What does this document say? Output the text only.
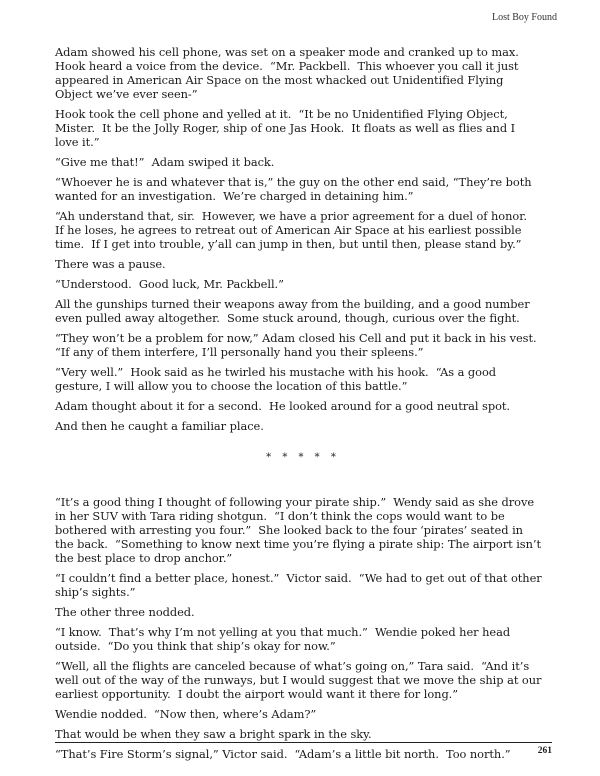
Lost Boy Found

Adam showed his cell phone, was set on a speaker mode and cranked up to max.
Hook heard a voice from the device.  “Mr. Packbell.  This whoever you call it just
appeared in American Air Space on the most whacked out Unidentified Flying
Object we’ve ever seen-”

Hook took the cell phone and yelled at it.  “It be no Unidentified Flying Object,
Mister.  It be the Jolly Roger, ship of one Jas Hook.  It floats as well as flies and I
love it.”

“Give me that!”  Adam swiped it back.

“Whoever he is and whatever that is,” the guy on the other end said, “They’re both
wanted for an investigation.  We’re charged in detaining him.”

“Ah understand that, sir.  However, we have a prior agreement for a duel of honor.
If he loses, he agrees to retreat out of American Air Space at his earliest possible
time.  If I get into trouble, y’all can jump in then, but until then, please stand by.”

There was a pause.

“Understood.  Good luck, Mr. Packbell.”

All the gunships turned their weapons away from the building, and a good number
even pulled away altogether.  Some stuck around, though, curious over the fight.

“They won’t be a problem for now,” Adam closed his Cell and put it back in his vest.
“If any of them interfere, I’ll personally hand you their spleens.”

“Very well.”  Hook said as he twirled his mustache with his hook.  “As a good
gesture, I will allow you to choose the location of this battle.”

Adam thought about it for a second.  He looked around for a good neutral spot.

And then he caught a familiar place.

* * * * *

“It’s a good thing I thought of following your pirate ship.”  Wendy said as she drove
in her SUV with Tara riding shotgun.  “I don’t think the cops would want to be
bothered with arresting you four.”  She looked back to the four ‘pirates’ seated in
the back.  “Something to know next time you’re flying a pirate ship: The airport isn’t
the best place to drop anchor.”

“I couldn’t find a better place, honest.”  Victor said.  “We had to get out of that other
ship’s sights.”

The other three nodded.

“I know.  That’s why I’m not yelling at you that much.”  Wendie poked her head
outside.  “Do you think that ship’s okay for now.”

“Well, all the flights are canceled because of what’s going on,” Tara said.  “And it’s
well out of the way of the runways, but I would suggest that we move the ship at our
earliest opportunity.  I doubt the airport would want it there for long.”

Wendie nodded.  “Now then, where’s Adam?”

That would be when they saw a bright spark in the sky.

“That’s Fire Storm’s signal,” Victor said.  “Adam’s a little bit north.  Too north.”	261
